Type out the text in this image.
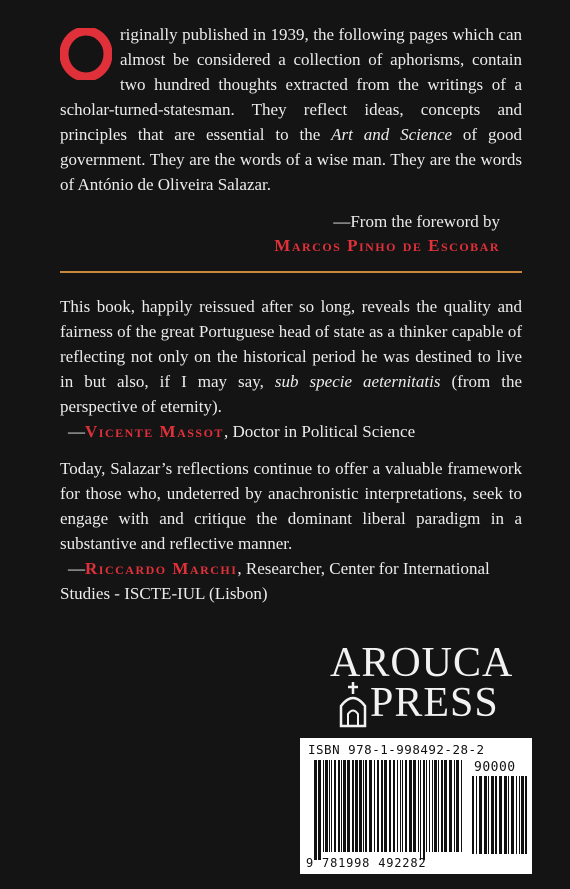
riginally published in 1939, the following pages which can almost be considered a collection of aphorisms, contain two hundred thoughts extracted from the writings of a scholar-turned-statesman. They reflect ideas, concepts and principles that are essential to the Art and Science of good government. They are the words of a wise man. They are the words of António de Oliveira Salazar.
—From the foreword by
Marcos Pinho de Escobar
This book, happily reissued after so long, reveals the quality and fairness of the great Portuguese head of state as a thinker capable of reflecting not only on the historical period he was destined to live in but also, if I may say, sub specie aeternitatis (from the perspective of eternity).
—Vicente Massot, Doctor in Political Science
Today, Salazar’s reflections continue to offer a valuable framework for those who, undeterred by anachronistic interpretations, seek to engage with and critique the dominant liberal paradigm in a substantive and reflective manner.
—Riccardo Marchi, Researcher, Center for International Studies - ISCTE-IUL (Lisbon)
AROUCA
PRESS
ISBN 978-1-998492-28-2
90000
9 781998 492282
